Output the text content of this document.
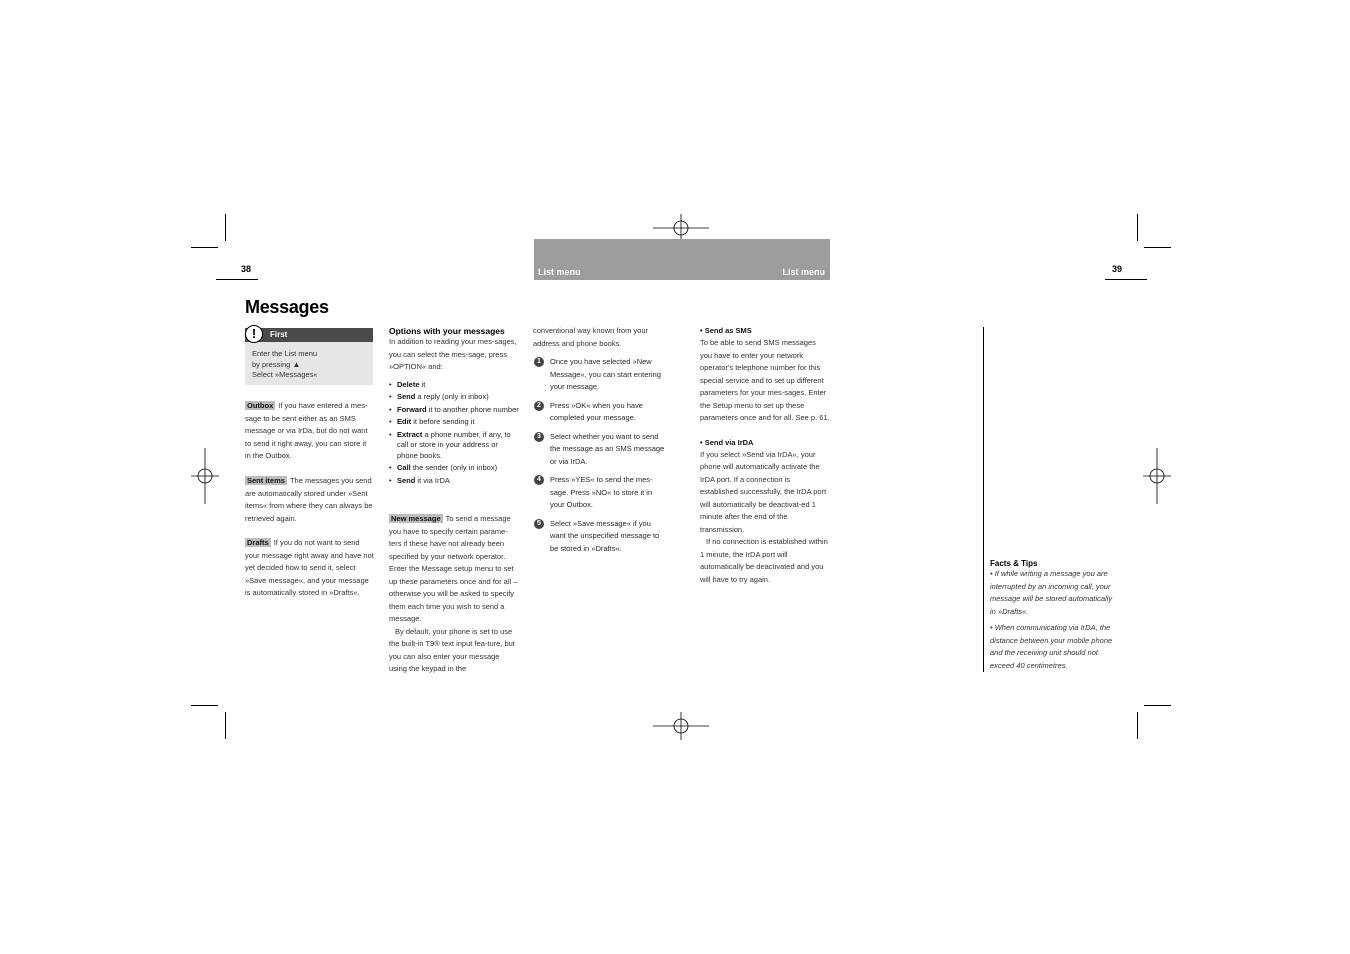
38	39
List menu	List menu
Messages
First
Enter the List menu
by pressing ▲
Select »Messages«
!
Outbox If you have entered a mes-sage to be sent either as an SMS message or via IrDa, but do not want to send it right away, you can store it in the Outbox.
Sent items The messages you send are automatically stored under »Sent items« from where they can always be retrieved again.
Drafts If you do not want to send your message right away and have not yet decided how to send it, select »Save message«, and your message is automatically stored in »Drafts«.
Options with your messages
In addition to reading your mes-sages, you can select the mes-sage, press »OPTION« and:
• Delete it
• Send a reply (only in inbox)
• Forward it to another phone number
• Edit it before sending it
• Extract a phone number, if any, to call or store in your address or phone books.
• Call the sender (only in inbox)
• Send it via IrDA
New message To send a message you have to specify certain parame-ters if these have not already been specified by your network operator. Enter the Message setup menu to set up these parameters once and for all – otherwise you will be asked to specify them each time you wish to send a message.
By default, your phone is set to use the built-in T9® text input fea-ture, but you can also enter your message using the keypad in the
conventional way known from your address and phone books.
1	Once you have selected »New Message«, you can start entering your message.
2	Press »OK« when you have completed your message.
3	Select whether you want to send the message as an SMS message or via IrDA.
4	Press »YES« to send the mes-sage. Press »NO« to store it in your Outbox.
5	Select »Save message« if you want the unspecified message to be stored in »Drafts«.
• Send as SMS
To be able to send SMS messages you have to enter your network operator's telephone number for this special service and to set up different parameters for your mes-sages. Enter the Setup menu to set up these parameters once and for all. See p. 61.
• Send via IrDA
If you select »Send via IrDA«, your phone will automatically activate the IrDA port. If a connection is established successfully, the IrDA port will automatically be deactivat-ed 1 minute after the end of the transmission.
If no connection is established within 1 minute, the IrDA port will automatically be deactivated and you will have to try again.
Facts & Tips
• If while writing a message you are interrupted by an incoming call, your message will be stored automatically in »Drafts«.
• When communicating via IrDA, the distance between your mobile phone and the receiving unit should not exceed 40 centimetres.
